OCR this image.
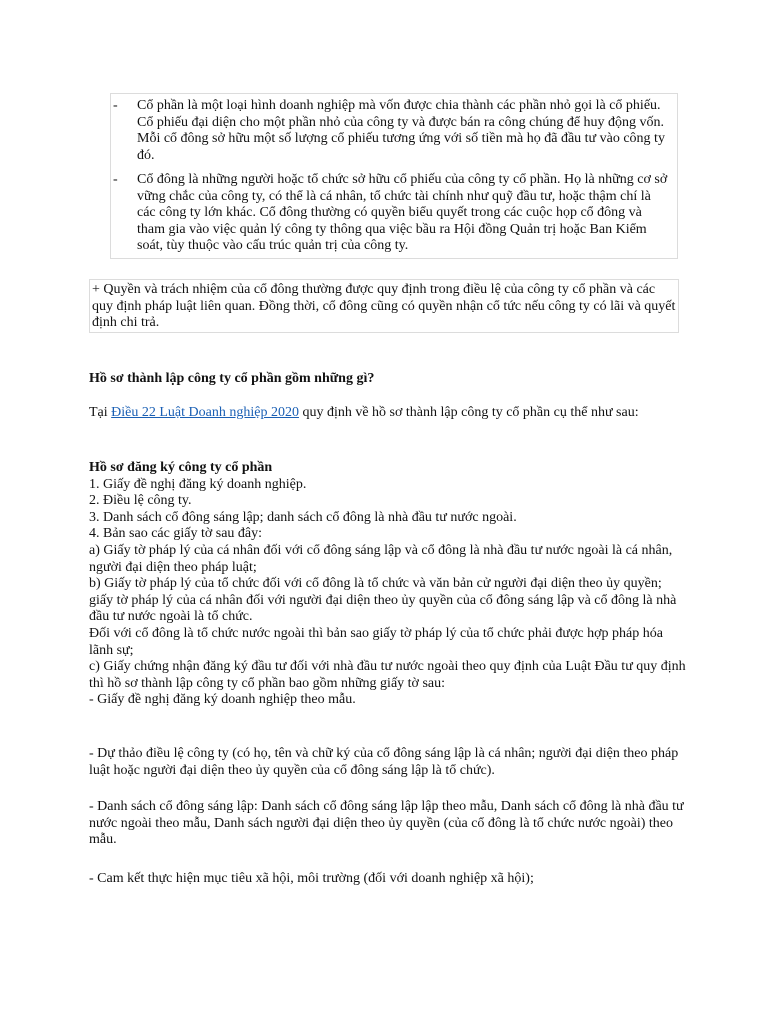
- Cổ phần là một loại hình doanh nghiệp mà vốn được chia thành các phần nhỏ gọi là cổ phiếu. Cổ phiếu đại diện cho một phần nhỏ của công ty và được bán ra công chúng để huy động vốn. Mỗi cổ đông sở hữu một số lượng cổ phiếu tương ứng với số tiền mà họ đã đầu tư vào công ty đó.
- Cổ đông là những người hoặc tổ chức sở hữu cổ phiếu của công ty cổ phần. Họ là những cơ sở vững chắc của công ty, có thể là cá nhân, tổ chức tài chính như quỹ đầu tư, hoặc thậm chí là các công ty lớn khác. Cổ đông thường có quyền biểu quyết trong các cuộc họp cổ đông và tham gia vào việc quản lý công ty thông qua việc bầu ra Hội đồng Quản trị hoặc Ban Kiểm soát, tùy thuộc vào cấu trúc quản trị của công ty.
+ Quyền và trách nhiệm của cổ đông thường được quy định trong điều lệ của công ty cổ phần và các quy định pháp luật liên quan. Đồng thời, cổ đông cũng có quyền nhận cổ tức nếu công ty có lãi và quyết định chi trả.
Hồ sơ thành lập công ty cổ phần gồm những gì?
Tại Điều 22 Luật Doanh nghiệp 2020 quy định về hồ sơ thành lập công ty cổ phần cụ thể như sau:
Hồ sơ đăng ký công ty cổ phần
1. Giấy đề nghị đăng ký doanh nghiệp.
2. Điều lệ công ty.
3. Danh sách cổ đông sáng lập; danh sách cổ đông là nhà đầu tư nước ngoài.
4. Bản sao các giấy tờ sau đây:
a) Giấy tờ pháp lý của cá nhân đối với cổ đông sáng lập và cổ đông là nhà đầu tư nước ngoài là cá nhân, người đại diện theo pháp luật;
b) Giấy tờ pháp lý của tổ chức đối với cổ đông là tổ chức và văn bản cử người đại diện theo ủy quyền; giấy tờ pháp lý của cá nhân đối với người đại diện theo ủy quyền của cổ đông sáng lập và cổ đông là nhà đầu tư nước ngoài là tổ chức.
Đối với cổ đông là tổ chức nước ngoài thì bản sao giấy tờ pháp lý của tổ chức phải được hợp pháp hóa lãnh sự;
c) Giấy chứng nhận đăng ký đầu tư đối với nhà đầu tư nước ngoài theo quy định của Luật Đầu tư quy định thì hồ sơ thành lập công ty cổ phần bao gồm những giấy tờ sau:
- Giấy đề nghị đăng ký doanh nghiệp theo mẫu.
- Dự thảo điều lệ công ty (có họ, tên và chữ ký của cổ đông sáng lập là cá nhân; người đại diện theo pháp luật hoặc người đại diện theo ủy quyền của cổ đông sáng lập là tổ chức).
- Danh sách cổ đông sáng lập: Danh sách cổ đông sáng lập lập theo mẫu, Danh sách cổ đông là nhà đầu tư nước ngoài theo mẫu, Danh sách người đại diện theo ủy quyền (của cổ đông là tổ chức nước ngoài) theo mẫu.
- Cam kết thực hiện mục tiêu xã hội, môi trường (đối với doanh nghiệp xã hội);
